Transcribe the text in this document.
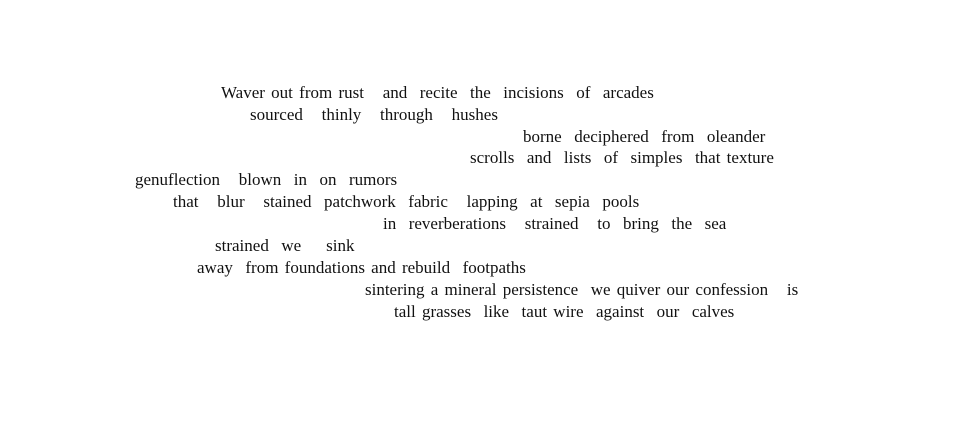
Waver out from rust   and  recite  the  incisions  of  arcades
sourced   thinly   through   hushes
borne  deciphered  from  oleander
scrolls  and  lists  of  simples  that texture
genuflection   blown  in  on  rumors
that   blur   stained  patchwork  fabric   lapping  at  sepia  pools
in  reverberations   strained   to  bring  the  sea
strained  we    sink
away  from foundations and rebuild  footpaths
sintering a mineral persistence  we quiver our confession   is
tall grasses  like  taut wire  against  our  calves
